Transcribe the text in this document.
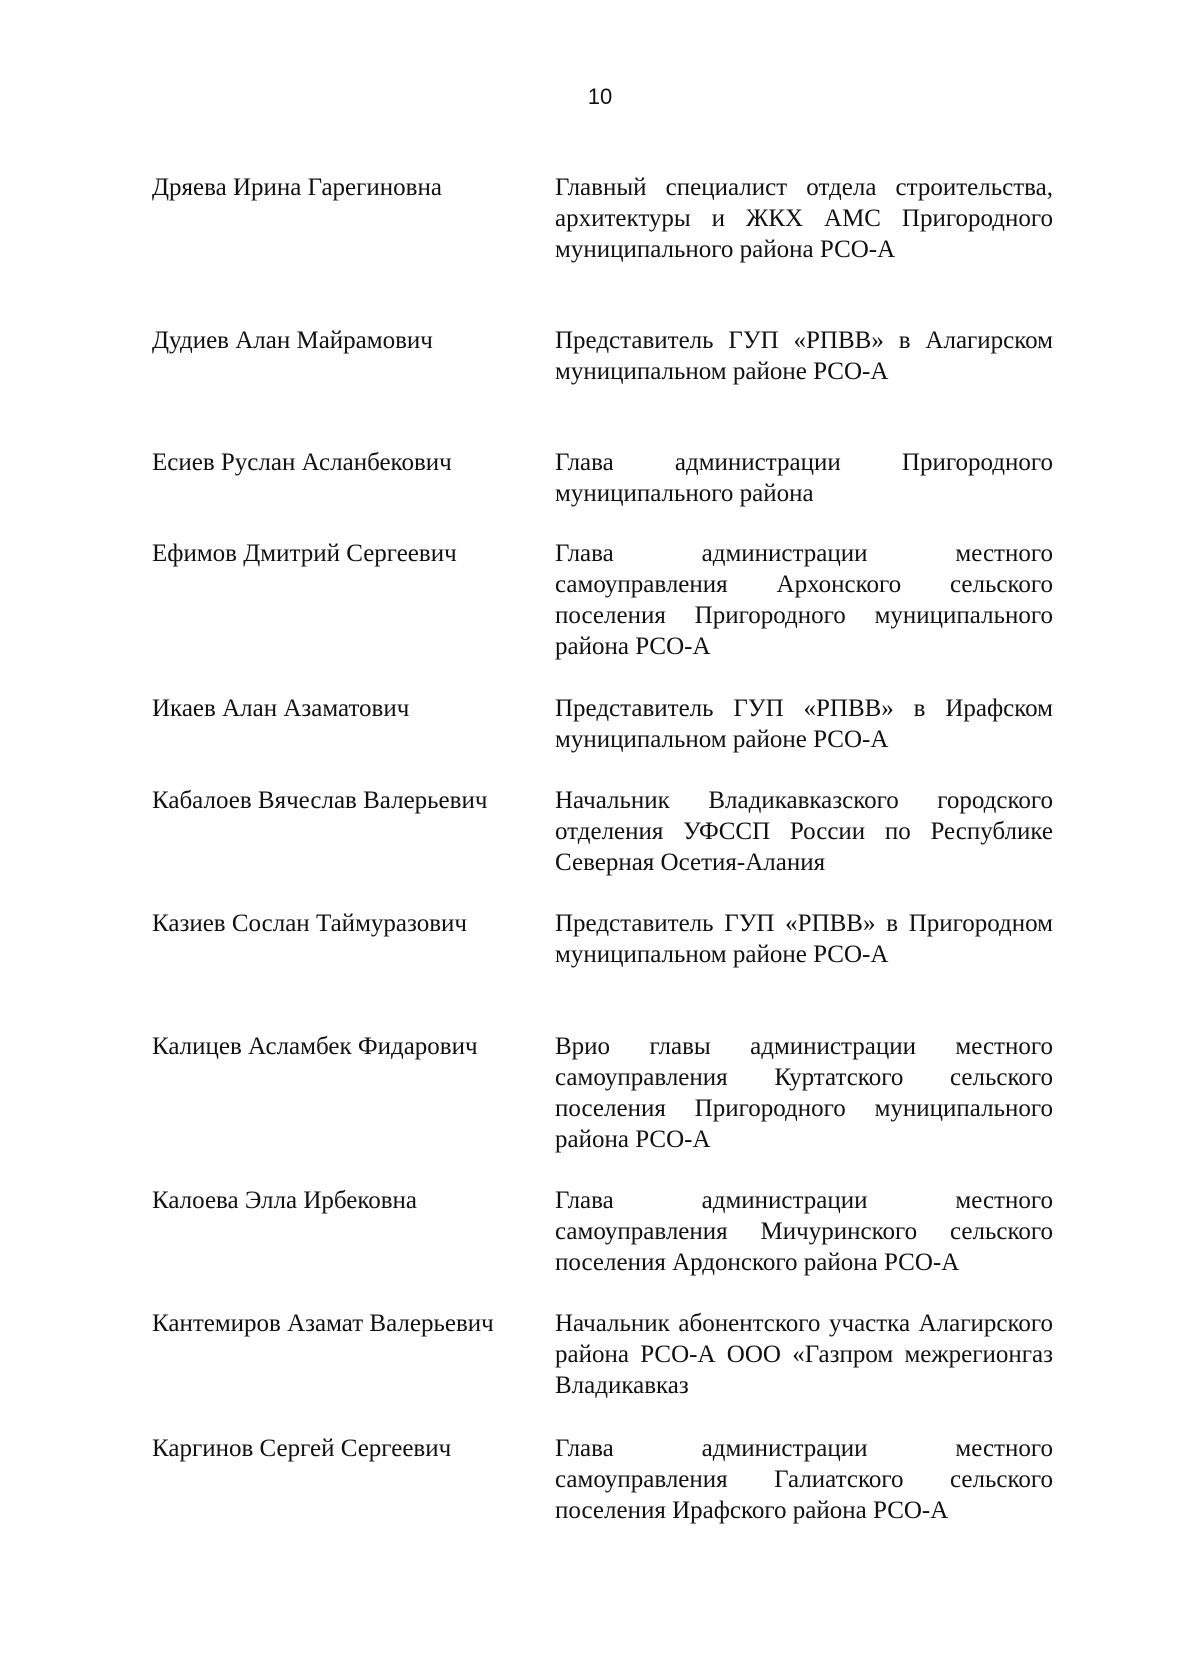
10
Дряева Ирина Гарегиновна	Главный специалист отдела строительства, архитектуры и ЖКХ АМС Пригородного муниципального района РСО-А
Дудиев Алан Майрамович	Представитель ГУП «РПВВ» в Алагирском муниципальном районе РСО-А
Есиев Руслан Асланбекович	Глава администрации Пригородного муниципального района
Ефимов Дмитрий Сергеевич	Глава администрации местного самоуправления Архонского сельского поселения Пригородного муниципального района РСО-А
Икаев Алан Азаматович	Представитель ГУП «РПВВ» в Ирафском муниципальном районе РСО-А
Кабалоев Вячеслав Валерьевич	Начальник Владикавказского городского отделения УФССП России по Республике Северная Осетия-Алания
Казиев Сослан Таймуразович	Представитель ГУП «РПВВ» в Пригородном муниципальном районе РСО-А
Калицев Асламбек Фидарович	Врио главы администрации местного самоуправления Куртатского сельского поселения Пригородного муниципального района РСО-А
Калоева Элла Ирбековна	Глава администрации местного самоуправления Мичуринского сельского поселения Ардонского района РСО-А
Кантемиров Азамат Валерьевич	Начальник абонентского участка Алагирского района РСО-А ООО «Газпром межрегионгаз Владикавказ
Каргинов Сергей Сергеевич	Глава администрации местного самоуправления Галиатского сельского поселения Ирафского района РСО-А
